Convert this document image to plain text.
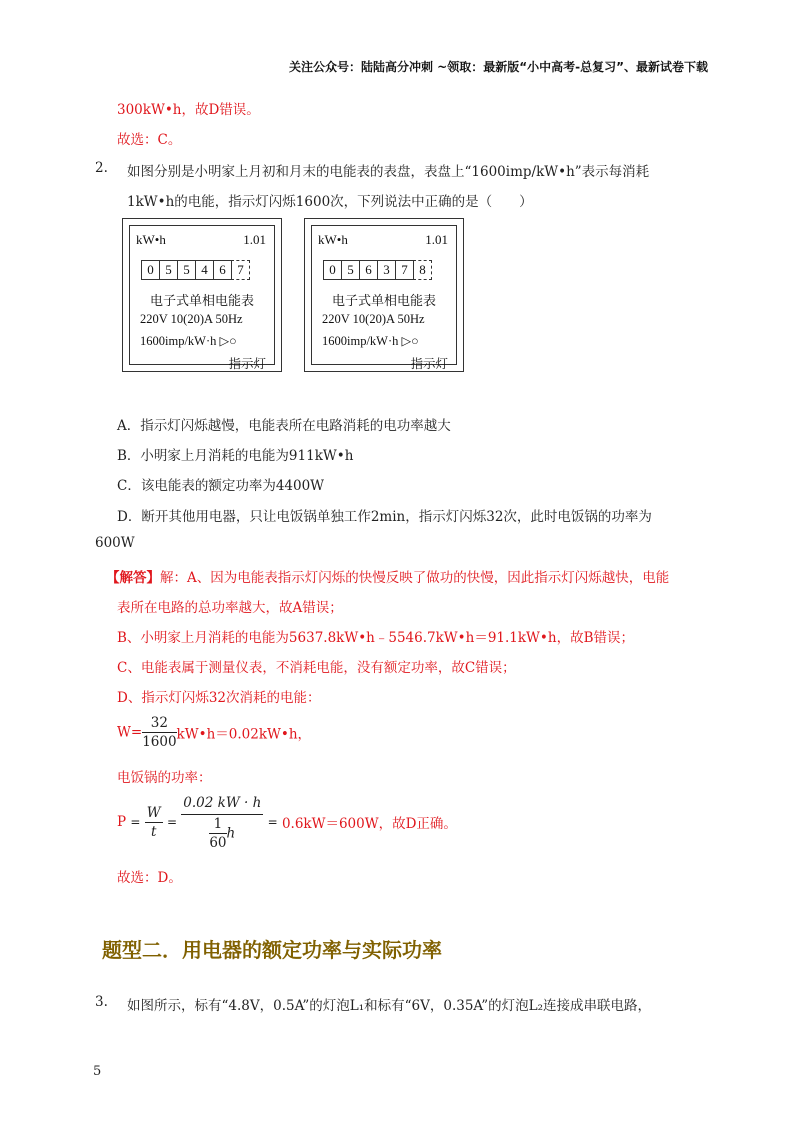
关注公众号：陆陆高分冲刺 ~领取：最新版“小中高考-总复习”、最新试卷下载
300kW•h，故D错误。
故选：C。
2. 如图分别是小明家上月初和月末的电能表的表盘，表盘上“1600imp/kW•h”表示每消耗
1kW•h的电能，指示灯闪烁1600次，下列说法中正确的是（　　）
kW•h	1.01
0 5 5 4 6 7
电子式单相电能表
220V 10(20)A 50Hz
1600imp/kW·h ▷○
指示灯
kW•h	1.01
0 5 6 3 7 8
电子式单相电能表
220V 10(20)A 50Hz
1600imp/kW·h ▷○
指示灯
A．指示灯闪烁越慢，电能表所在电路消耗的电功率越大
B．小明家上月消耗的电能为911kW•h
C．该电能表的额定功率为4400W
D．断开其他用电器，只让电饭锅单独工作2min，指示灯闪烁32次，此时电饭锅的功率为
600W
【解答】解：A、因为电能表指示灯闪烁的快慢反映了做功的快慢，因此指示灯闪烁越快，电能
表所在电路的总功率越大，故A错误；
B、小明家上月消耗的电能为5637.8kW•h﹣5546.7kW•h＝91.1kW•h，故B错误；
C、电能表属于测量仪表，不消耗电能，没有额定功率，故C错误；
D、指示灯闪烁32次消耗的电能：
$W= \frac{32}{1600}$ kW•h＝0.02kW•h，
电饭锅的功率：
$P = \frac{W}{t} = \frac{0.02 kW \cdot h}{\frac{1}{60} h} = 0.6kW=600W$，故D正确。
故选：D。
题型二．用电器的额定功率与实际功率
3. 如图所示，标有“4.8V，0.5A”的灯泡L₁和标有“6V，0.35A”的灯泡L₂连接成串联电路，
5
